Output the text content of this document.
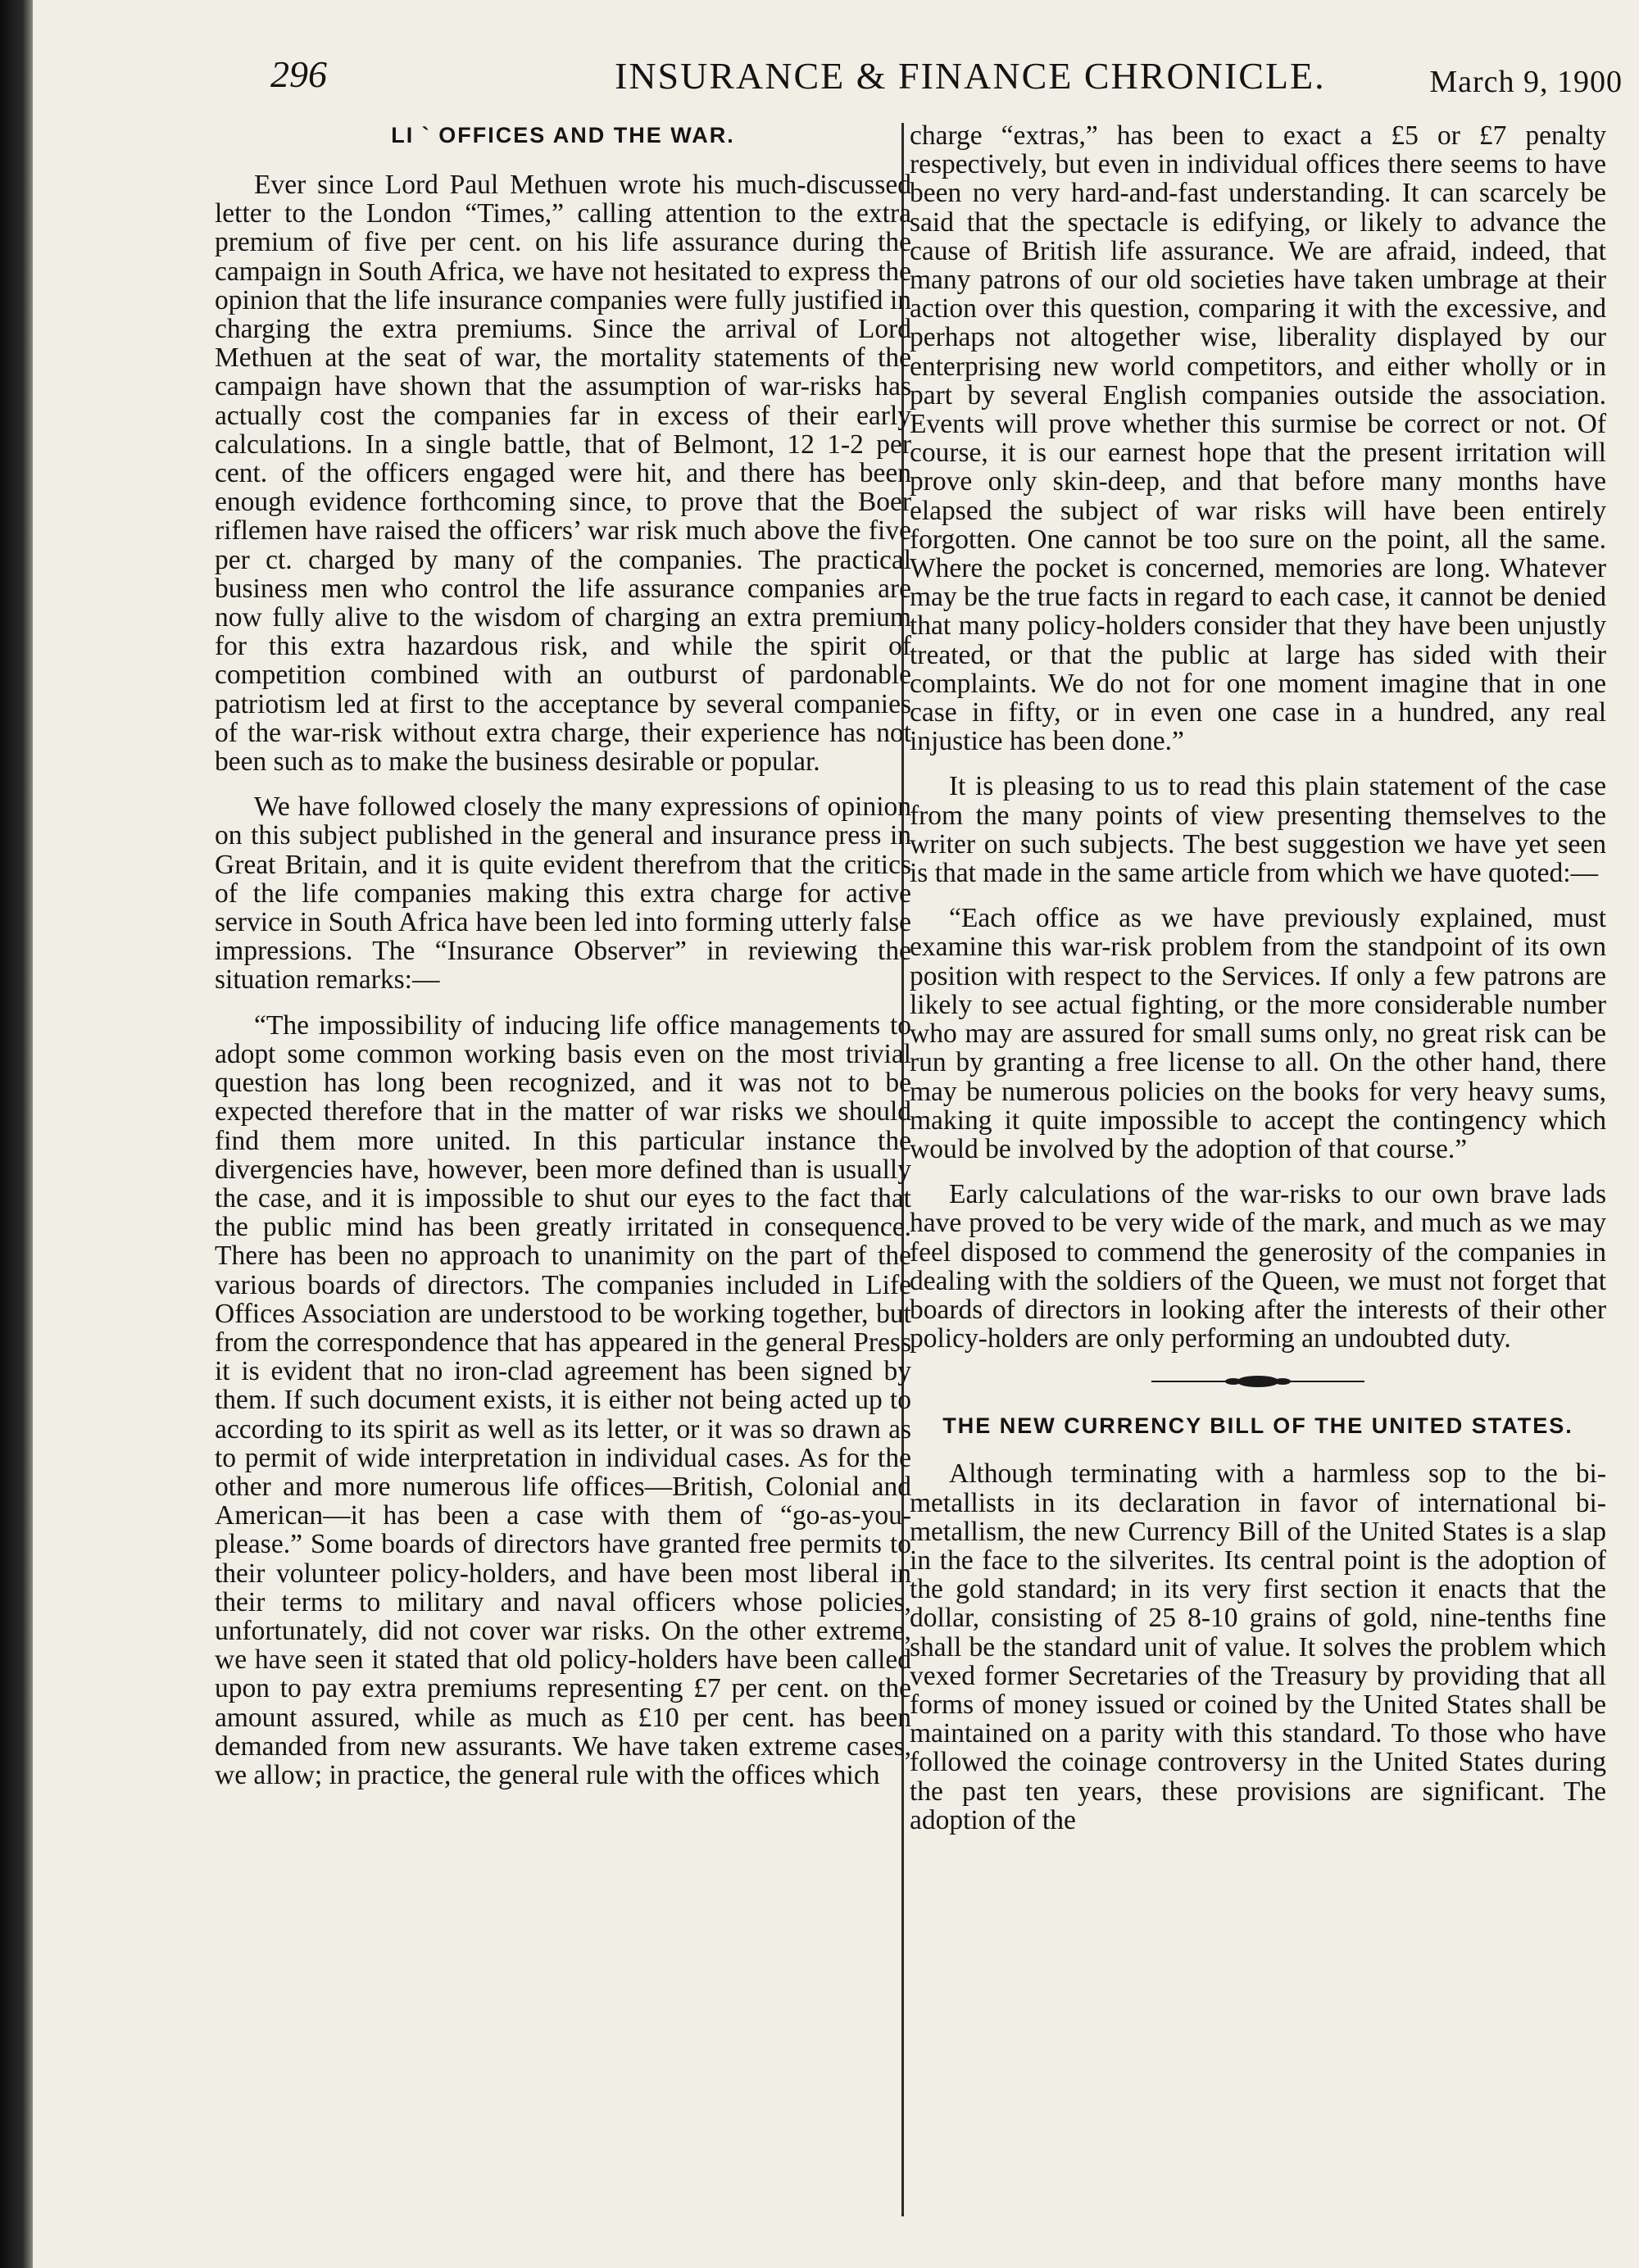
296	INSURANCE & FINANCE CHRONICLE.	March 9, 1900
LI ` OFFICES AND THE WAR.

Ever since Lord Paul Methuen wrote his much-discussed letter to the London “Times,” calling attention to the extra premium of five per cent. on his life assurance during the campaign in South Africa, we have not hesitated to express the opinion that the life insurance companies were fully justified in charging the extra premiums. Since the arrival of Lord Methuen at the seat of war, the mortality statements of the campaign have shown that the assumption of war-risks has actually cost the companies far in excess of their early calculations. In a single battle, that of Belmont, 12 1-2 per cent. of the officers engaged were hit, and there has been enough evidence forthcoming since, to prove that the Boer riflemen have raised the officers’ war risk much above the five per ct. charged by many of the companies. The practical business men who control the life assurance companies are now fully alive to the wisdom of charging an extra premium for this extra hazardous risk, and while the spirit of competition combined with an outburst of pardonable patriotism led at first to the acceptance by several companies of the war-risk without extra charge, their experience has not been such as to make the business desirable or popular.

We have followed closely the many expressions of opinion on this subject published in the general and insurance press in Great Britain, and it is quite evident therefrom that the critics of the life companies making this extra charge for active service in South Africa have been led into forming utterly false impressions. The “Insurance Observer” in reviewing the situation remarks:—

“The impossibility of inducing life office managements to adopt some common working basis even on the most trivial question has long been recognized, and it was not to be expected therefore that in the matter of war risks we should find them more united. In this particular instance the divergencies have, however, been more defined than is usually the case, and it is impossible to shut our eyes to the fact that the public mind has been greatly irritated in consequence. There has been no approach to unanimity on the part of the various boards of directors. The companies included in Life Offices Association are understood to be working together, but from the correspondence that has appeared in the general Press it is evident that no iron-clad agreement has been signed by them. If such document exists, it is either not being acted up to according to its spirit as well as its letter, or it was so drawn as to permit of wide interpretation in individual cases. As for the other and more numerous life offices—British, Colonial and American—it has been a case with them of “go-as-you-please.” Some boards of directors have granted free permits to their volunteer policy-holders, and have been most liberal in their terms to military and naval officers whose policies, unfortunately, did not cover war risks. On the other extreme, we have seen it stated that old policy-holders have been called upon to pay extra premiums representing £7 per cent. on the amount assured, while as much as £10 per cent. has been demanded from new assurants. We have taken extreme cases, we allow; in practice, the general rule with the offices which

charge “extras,” has been to exact a £5 or £7 penalty respectively, but even in individual offices there seems to have been no very hard-and-fast understanding. It can scarcely be said that the spectacle is edifying, or likely to advance the cause of British life assurance. We are afraid, indeed, that many patrons of our old societies have taken umbrage at their action over this question, comparing it with the excessive, and perhaps not altogether wise, liberality displayed by our enterprising new world competitors, and either wholly or in part by several English companies outside the association. Events will prove whether this surmise be correct or not. Of course, it is our earnest hope that the present irritation will prove only skin-deep, and that before many months have elapsed the subject of war risks will have been entirely forgotten. One cannot be too sure on the point, all the same. Where the pocket is concerned, memories are long. Whatever may be the true facts in regard to each case, it cannot be denied that many policy-holders consider that they have been unjustly treated, or that the public at large has sided with their complaints. We do not for one moment imagine that in one case in fifty, or in even one case in a hundred, any real injustice has been done.”

It is pleasing to us to read this plain statement of the case from the many points of view presenting themselves to the writer on such subjects. The best suggestion we have yet seen is that made in the same article from which we have quoted:—

“Each office as we have previously explained, must examine this war-risk problem from the standpoint of its own position with respect to the Services. If only a few patrons are likely to see actual fighting, or the more considerable number who may are assured for small sums only, no great risk can be run by granting a free license to all. On the other hand, there may be numerous policies on the books for very heavy sums, making it quite impossible to accept the contingency which would be involved by the adoption of that course.”

Early calculations of the war-risks to our own brave lads have proved to be very wide of the mark, and much as we may feel disposed to commend the generosity of the companies in dealing with the soldiers of the Queen, we must not forget that boards of directors in looking after the interests of their other policy-holders are only performing an undoubted duty.

THE NEW CURRENCY BILL OF THE UNITED STATES.

Although terminating with a harmless sop to the bi-metallists in its declaration in favor of international bi-metallism, the new Currency Bill of the United States is a slap in the face to the silverites. Its central point is the adoption of the gold standard; in its very first section it enacts that the dollar, consisting of 25 8-10 grains of gold, nine-tenths fine shall be the standard unit of value. It solves the problem which vexed former Secretaries of the Treasury by providing that all forms of money issued or coined by the United States shall be maintained on a parity with this standard. To those who have followed the coinage controversy in the United States during the past ten years, these provisions are significant. The adoption of the
